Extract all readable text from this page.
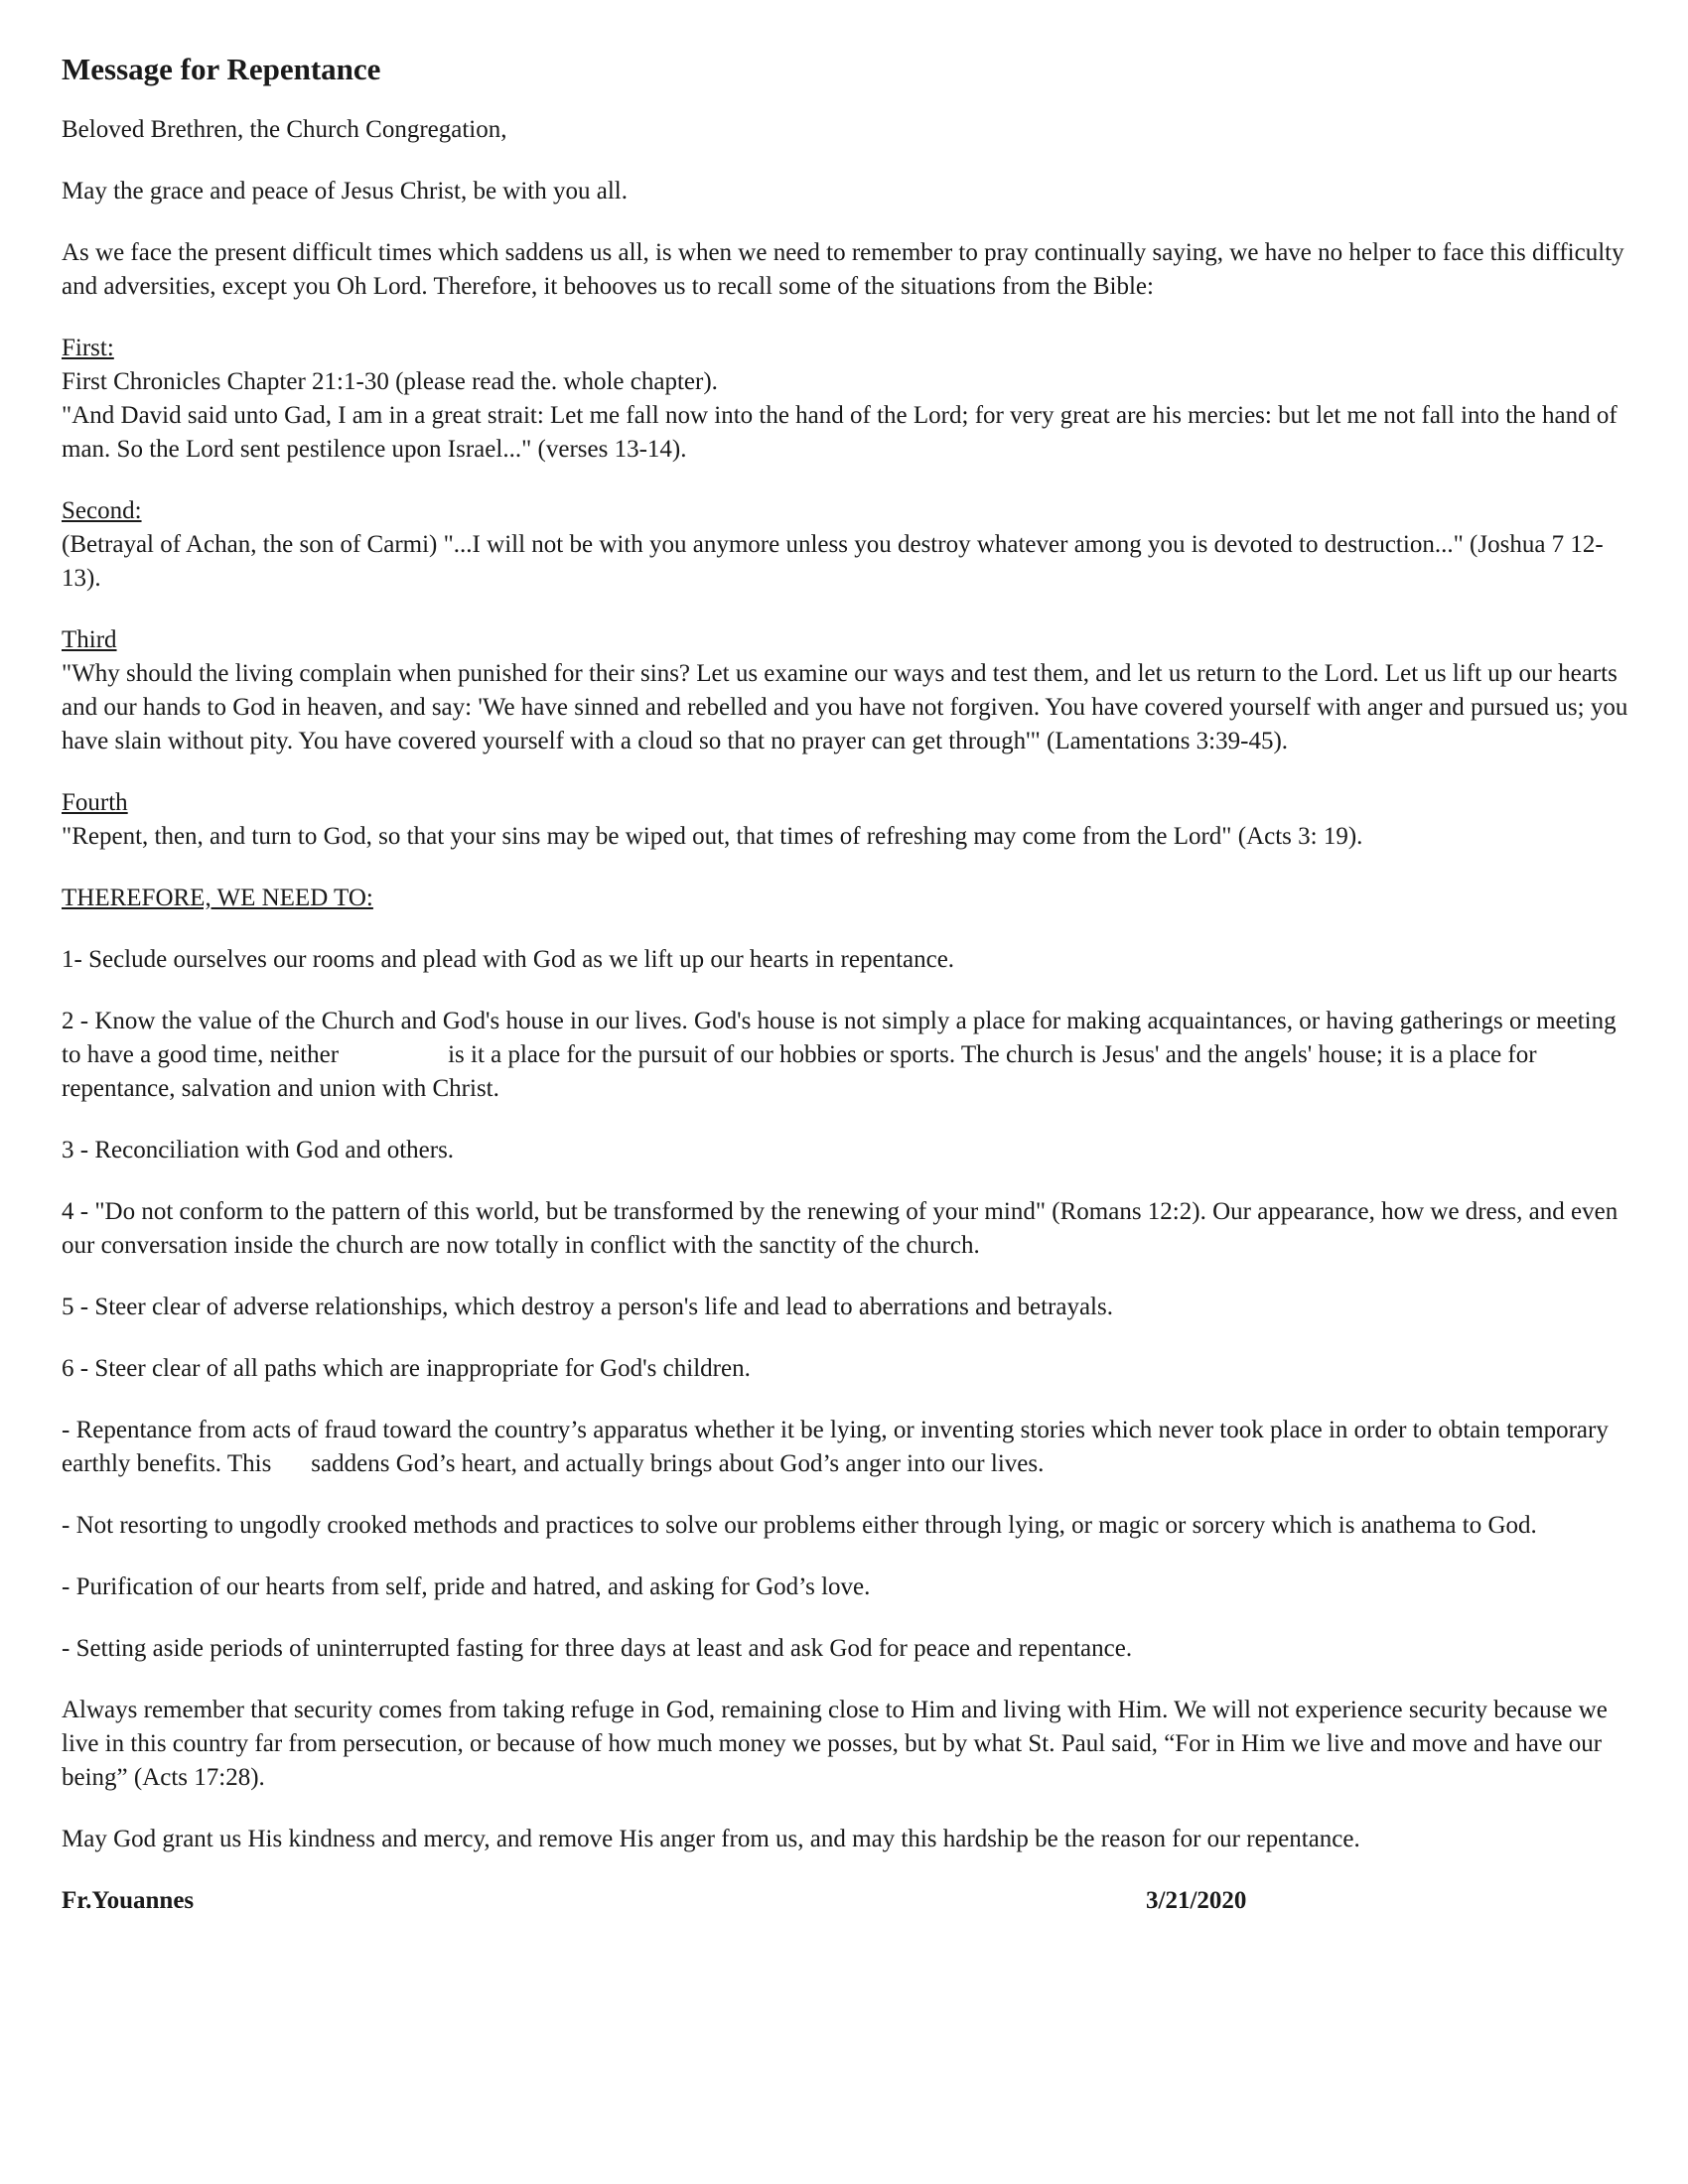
Message for Repentance

Beloved Brethren, the Church Congregation,

May the grace and peace of Jesus Christ, be with you all.

As we face the present difficult times which saddens us all, is when we need to remember to pray continually saying, we have no helper to face this difficulty and adversities, except you Oh Lord. Therefore, it behooves us to recall some of the situations from the Bible:

First:
First Chronicles Chapter 21:1-30 (please read the. whole chapter).
"And David said unto Gad, I am in a great strait: Let me fall now into the hand of the Lord; for very great are his mercies: but let me not fall into the hand of man. So the Lord sent pestilence upon Israel..." (verses 13-14).

Second:
(Betrayal of Achan, the son of Carmi) "...I will not be with you anymore unless you destroy whatever among you is devoted to destruction..." (Joshua 7 12-13).

Third
"Why should the living complain when punished for their sins? Let us examine our ways and test them, and let us return to the Lord. Let us lift up our hearts and our hands to God in heaven, and say: 'We have sinned and rebelled and you have not forgiven. You have covered yourself with anger and pursued us; you have slain without pity. You have covered yourself with a cloud so that no prayer can get through'" (Lamentations 3:39-45).

Fourth
"Repent, then, and turn to God, so that your sins may be wiped out, that times of refreshing may come from the Lord" (Acts 3: 19).

THEREFORE, WE NEED TO:

1- Seclude ourselves our rooms and plead with God as we lift up our hearts in repentance.

2 - Know the value of the Church and God's house in our lives. God's house is not simply a place for making acquaintances, or having gatherings or meeting to have a good time, neither	is it a place for the pursuit of our hobbies or sports. The church is Jesus' and the angels' house; it is a place for repentance, salvation and union with Christ.

3 - Reconciliation with God and others.

4 - "Do not conform to the pattern of this world, but be transformed by the renewing of your mind" (Romans 12:2). Our appearance, how we dress, and even our conversation inside the church are now totally in conflict with the sanctity of the church.

5 - Steer clear of adverse relationships, which destroy a person's life and lead to aberrations and betrayals.

6 - Steer clear of all paths which are inappropriate for God's children.

- Repentance from acts of fraud toward the country’s apparatus whether it be lying, or inventing stories which never took place in order to obtain temporary earthly benefits. This saddens God’s heart, and actually brings about God’s anger into our lives.

- Not resorting to ungodly crooked methods and practices to solve our problems either through lying, or magic or sorcery which is anathema to God.

- Purification of our hearts from self, pride and hatred, and asking for God’s love.

- Setting aside periods of uninterrupted fasting for three days at least and ask God for peace and repentance.

Always remember that security comes from taking refuge in God, remaining close to Him and living with Him. We will not experience security because we live in this country far from persecution, or because of how much money we posses, but by what St. Paul said, “For in Him we live and move and have our being” (Acts 17:28).

May God grant us His kindness and mercy, and remove His anger from us, and may this hardship be the reason for our repentance.

Fr.Youannes	3/21/2020
